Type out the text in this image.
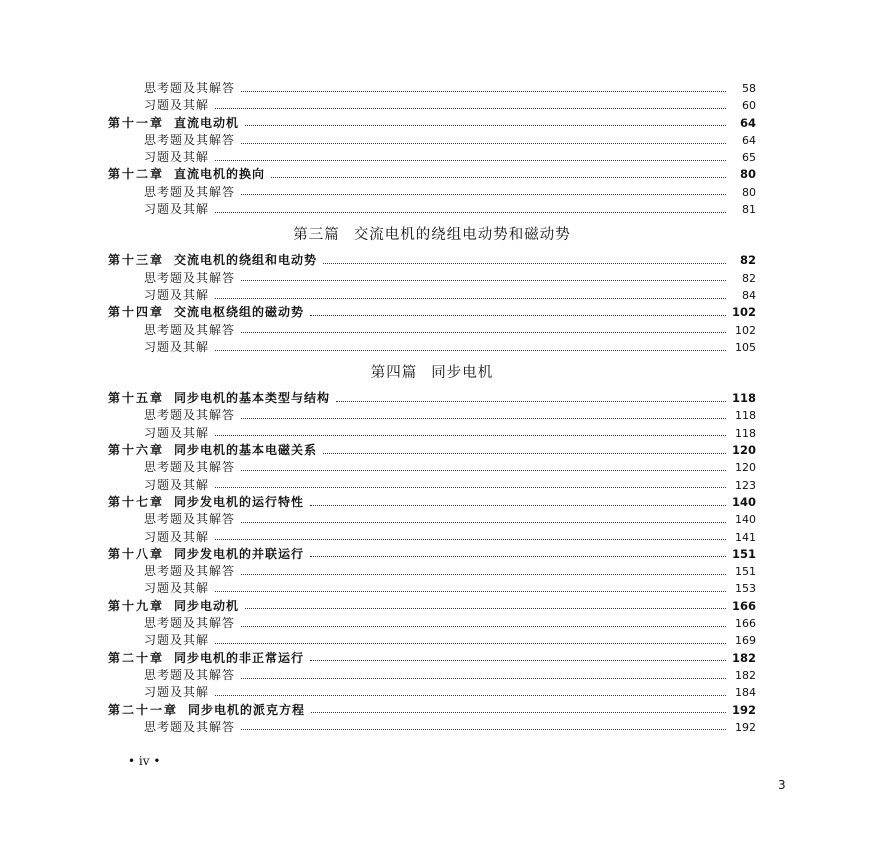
思考题及其解答	58
习题及其解	60
第十一章 直流电动机	64
思考题及其解答	64
习题及其解	65
第十二章 直流电机的换向	80
思考题及其解答	80
习题及其解	81
第三篇 交流电机的绕组电动势和磁动势
第十三章 交流电机的绕组和电动势	82
思考题及其解答	82
习题及其解	84
第十四章 交流电枢绕组的磁动势	102
思考题及其解答	102
习题及其解	105
第四篇 同步电机
第十五章 同步电机的基本类型与结构	118
思考题及其解答	118
习题及其解	118
第十六章 同步电机的基本电磁关系	120
思考题及其解答	120
习题及其解	123
第十七章 同步发电机的运行特性	140
思考题及其解答	140
习题及其解	141
第十八章 同步发电机的并联运行	151
思考题及其解答	151
习题及其解	153
第十九章 同步电动机	166
思考题及其解答	166
习题及其解	169
第二十章 同步电机的非正常运行	182
思考题及其解答	182
习题及其解	184
第二十一章 同步电机的派克方程	192
思考题及其解答	192
• iv •
3
